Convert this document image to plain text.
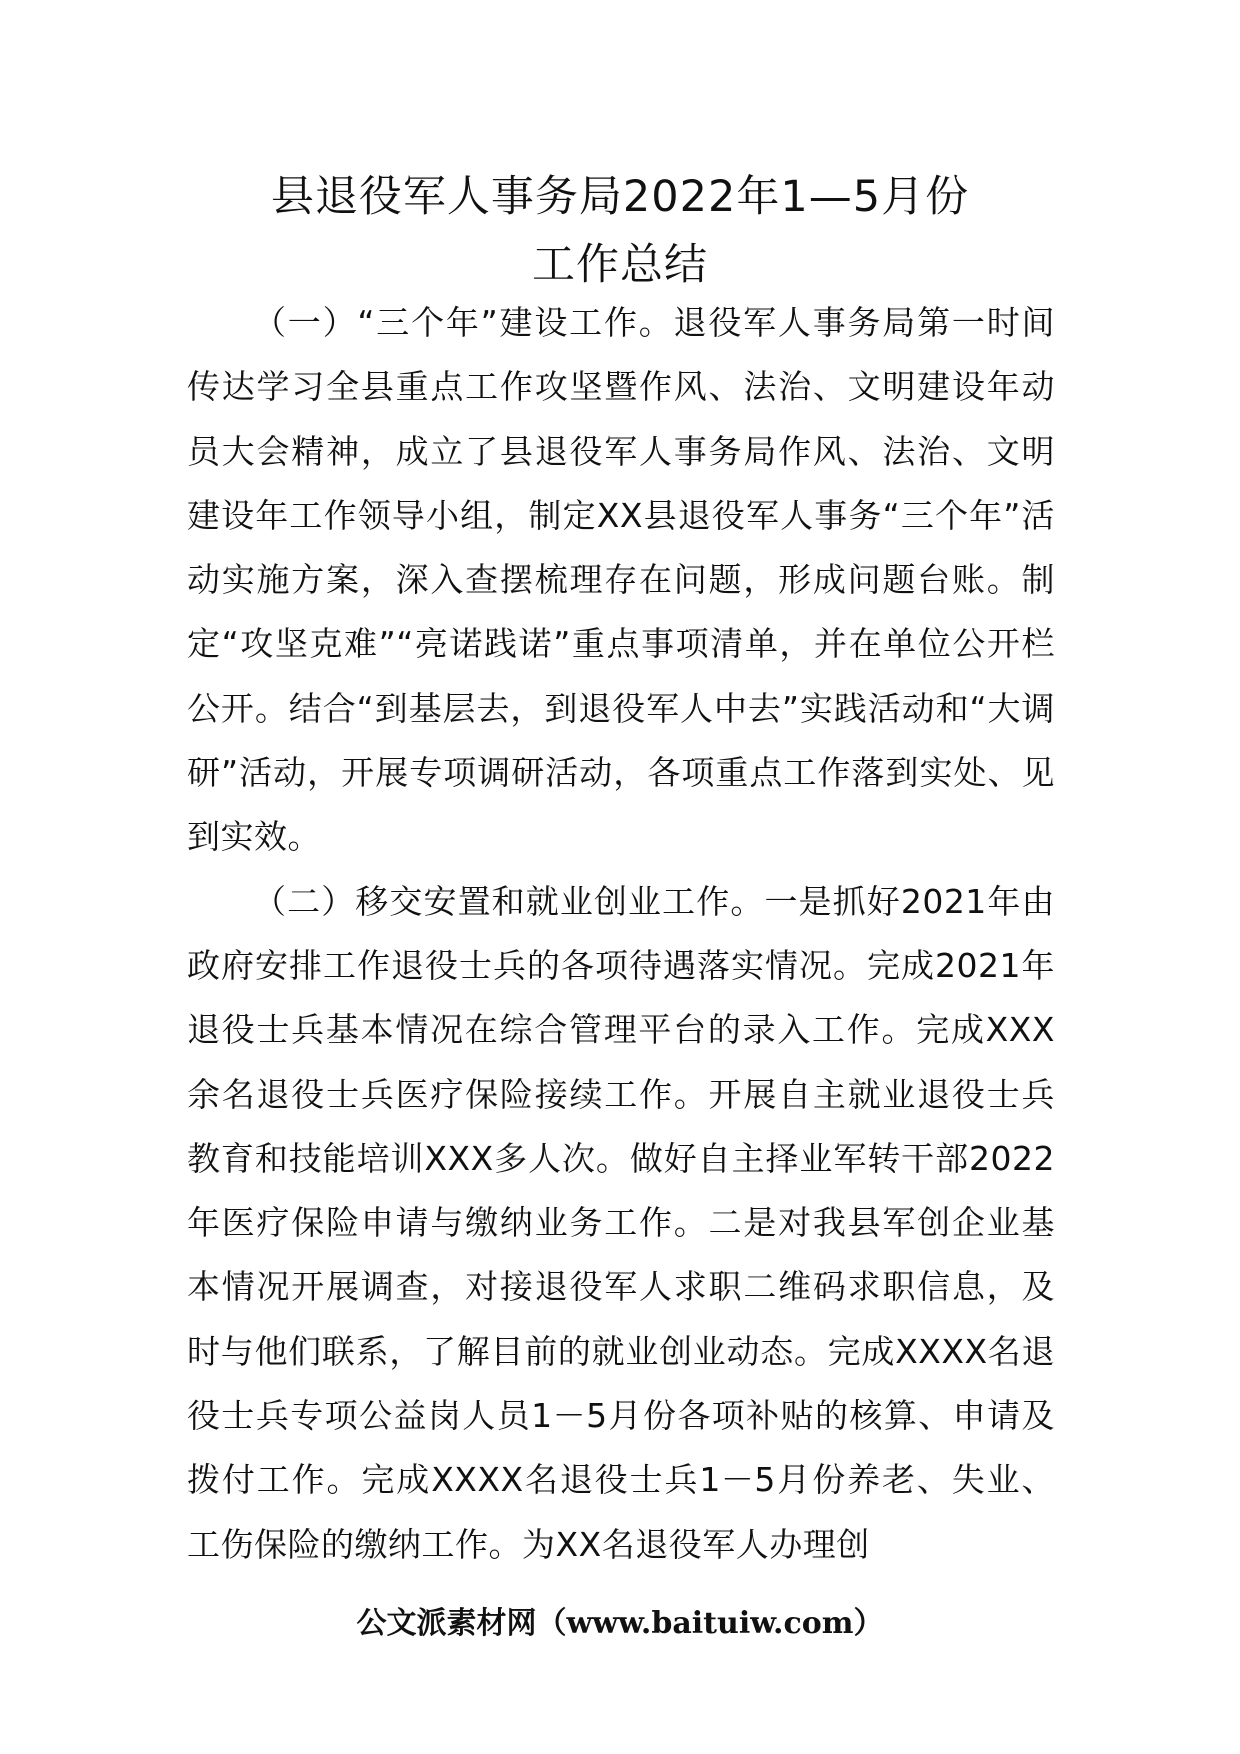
县退役军人事务局2022年1—5月份
工作总结

（一）“三个年”建设工作。退役军人事务局第一时间传达学习全县重点工作攻坚暨作风、法治、文明建设年动员大会精神，成立了县退役军人事务局作风、法治、文明建设年工作领导小组，制定XX县退役军人事务“三个年”活动实施方案，深入查摆梳理存在问题，形成问题台账。制定“攻坚克难”“亮诺践诺”重点事项清单，并在单位公开栏公开。结合“到基层去，到退役军人中去”实践活动和“大调研”活动，开展专项调研活动，各项重点工作落到实处、见到实效。

（二）移交安置和就业创业工作。一是抓好2021年由政府安排工作退役士兵的各项待遇落实情况。完成2021年退役士兵基本情况在综合管理平台的录入工作。完成XXX余名退役士兵医疗保险接续工作。开展自主就业退役士兵教育和技能培训XXX多人次。做好自主择业军转干部2022年医疗保险申请与缴纳业务工作。二是对我县军创企业基本情况开展调查，对接退役军人求职二维码求职信息，及时与他们联系，了解目前的就业创业动态。完成XXXX名退役士兵专项公益岗人员1－5月份各项补贴的核算、申请及拨付工作。完成XXXX名退役士兵1－5月份养老、失业、工伤保险的缴纳工作。为XX名退役军人办理创

公文派素材网（www.baituiw.com）
